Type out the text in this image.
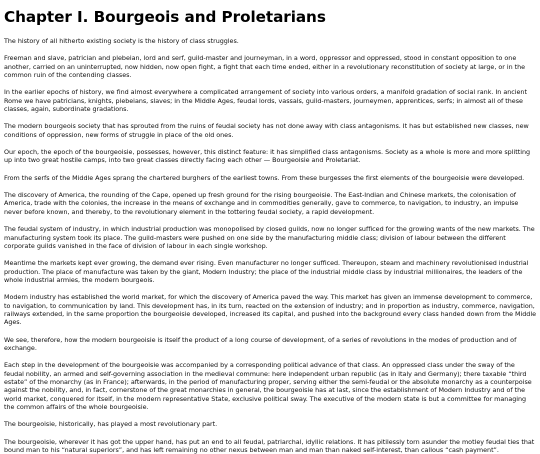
Chapter I. Bourgeois and Proletarians

The history of all hitherto existing society is the history of class struggles.

Freeman and slave, patrician and plebeian, lord and serf, guild-master and journeyman, in a word, oppressor and oppressed, stood in constant opposition to one another, carried on an uninterrupted, now hidden, now open fight, a fight that each time ended, either in a revolutionary reconstitution of society at large, or in the common ruin of the contending classes.

In the earlier epochs of history, we find almost everywhere a complicated arrangement of society into various orders, a manifold gradation of social rank. In ancient Rome we have patricians, knights, plebeians, slaves; in the Middle Ages, feudal lords, vassals, guild-masters, journeymen, apprentices, serfs; in almost all of these classes, again, subordinate gradations.

The modern bourgeois society that has sprouted from the ruins of feudal society has not done away with class antagonisms. It has but established new classes, new conditions of oppression, new forms of struggle in place of the old ones.

Our epoch, the epoch of the bourgeoisie, possesses, however, this distinct feature: it has simplified class antagonisms. Society as a whole is more and more splitting up into two great hostile camps, into two great classes directly facing each other — Bourgeoisie and Proletariat.

From the serfs of the Middle Ages sprang the chartered burghers of the earliest towns. From these burgesses the first elements of the bourgeoisie were developed.

The discovery of America, the rounding of the Cape, opened up fresh ground for the rising bourgeoisie. The East-Indian and Chinese markets, the colonisation of America, trade with the colonies, the increase in the means of exchange and in commodities generally, gave to commerce, to navigation, to industry, an impulse never before known, and thereby, to the revolutionary element in the tottering feudal society, a rapid development.

The feudal system of industry, in which industrial production was monopolised by closed guilds, now no longer sufficed for the growing wants of the new markets. The manufacturing system took its place. The guild-masters were pushed on one side by the manufacturing middle class; division of labour between the different corporate guilds vanished in the face of division of labour in each single workshop.

Meantime the markets kept ever growing, the demand ever rising. Even manufacturer no longer sufficed. Thereupon, steam and machinery revolutionised industrial production. The place of manufacture was taken by the giant, Modern Industry; the place of the industrial middle class by industrial millionaires, the leaders of the whole industrial armies, the modern bourgeois.

Modern industry has established the world market, for which the discovery of America paved the way. This market has given an immense development to commerce, to navigation, to communication by land. This development has, in its turn, reacted on the extension of industry; and in proportion as industry, commerce, navigation, railways extended, in the same proportion the bourgeoisie developed, increased its capital, and pushed into the background every class handed down from the Middle Ages.

We see, therefore, how the modern bourgeoisie is itself the product of a long course of development, of a series of revolutions in the modes of production and of exchange.

Each step in the development of the bourgeoisie was accompanied by a corresponding political advance of that class. An oppressed class under the sway of the feudal nobility, an armed and self-governing association in the medieval commune: here independent urban republic (as in Italy and Germany); there taxable “third estate” of the monarchy (as in France); afterwards, in the period of manufacturing proper, serving either the semi-feudal or the absolute monarchy as a counterpoise against the nobility, and, in fact, cornerstone of the great monarchies in general, the bourgeoisie has at last, since the establishment of Modern Industry and of the world market, conquered for itself, in the modern representative State, exclusive political sway. The executive of the modern state is but a committee for managing the common affairs of the whole bourgeoisie.

The bourgeoisie, historically, has played a most revolutionary part.

The bourgeoisie, wherever it has got the upper hand, has put an end to all feudal, patriarchal, idyllic relations. It has pitilessly torn asunder the motley feudal ties that bound man to his “natural superiors”, and has left remaining no other nexus between man and man than naked self-interest, than callous “cash payment”.
